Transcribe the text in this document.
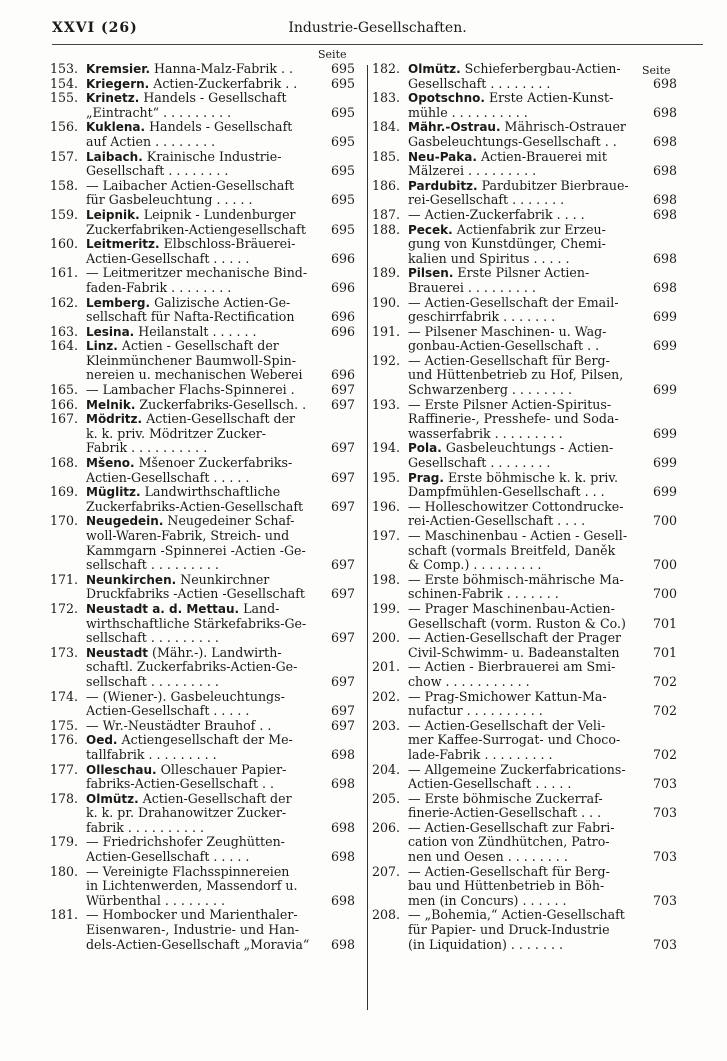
XXVI (26)	Industrie-Gesellschaften.
Seite
Seite
153. Kremsier. Hanna-Malz-Fabrik . .	695
154. Kriegern. Actien-Zuckerfabrik . .	695
155. Krinetz. Handels - Gesellschaft
„Eintracht“ . . . . . . . . .	695
156. Kuklena. Handels - Gesellschaft
auf Actien . . . . . . . .	695
157. Laibach. Krainische Industrie-
Gesellschaft . . . . . . . .	695
158. — Laibacher Actien-Gesellschaft
für Gasbeleuchtung . . . . .	695
159. Leipnik. Leipnik - Lundenburger
Zuckerfabriken-Actiengesellschaft	695
160. Leitmeritz. Elbschloss-Bräuerei-
Actien-Gesellschaft . . . . .	696
161. — Leitmeritzer mechanische Bind-
faden-Fabrik . . . . . . . .	696
162. Lemberg. Galizische Actien-Ge-
sellschaft für Nafta-Rectification	696
163. Lesina. Heilanstalt . . . . . .	696
164. Linz. Actien - Gesellschaft der
Kleinmünchener Baumwoll-Spin-
nereien u. mechanischen Weberei	696
165. — Lambacher Flachs-Spinnerei .	697
166. Melnik. Zuckerfabriks-Gesellsch. .	697
167. Mödritz. Actien-Gesellschaft der
k. k. priv. Mödritzer Zucker-
Fabrik . . . . . . . . . .	697
168. Mšeno. Mšenoer Zuckerfabriks-
Actien-Gesellschaft . . . . .	697
169. Müglitz. Landwirthschaftliche
Zuckerfabriks-Actien-Gesellschaft	697
170. Neugedein. Neugedeiner Schaf-
woll-Waren-Fabrik, Streich- und
Kammgarn -Spinnerei -Actien -Ge-
sellschaft . . . . . . . . .	697
171. Neunkirchen. Neunkirchner
Druckfabriks -Actien -Gesellschaft	697
172. Neustadt a. d. Mettau. Land-
wirthschaftliche Stärkefabriks-Ge-
sellschaft . . . . . . . . .	697
173. Neustadt (Mähr.-). Landwirth-
schaftl. Zuckerfabriks-Actien-Ge-
sellschaft . . . . . . . . .	697
174. — (Wiener-). Gasbeleuchtungs-
Actien-Gesellschaft . . . . .	697
175. — Wr.-Neustädter Brauhof . .	697
176. Oed. Actiengesellschaft der Me-
tallfabrik . . . . . . . . .	698
177. Olleschau. Olleschauer Papier-
fabriks-Actien-Gesellschaft . .	698
178. Olmütz. Actien-Gesellschaft der
k. k. pr. Drahanowitzer Zucker-
fabrik . . . . . . . . . .	698
179. — Friedrichshofer Zeughütten-
Actien-Gesellschaft . . . . .	698
180. — Vereinigte Flachsspinnereien
in Lichtenwerden, Massendorf u.
Würbenthal . . . . . . . .	698
181. — Hombocker und Marienthaler-
Eisenwaren-, Industrie- und Han-
dels-Actien-Gesellschaft „Moravia“	698
182. Olmütz. Schieferbergbau-Actien-
Gesellschaft . . . . . . . .	698
183. Opotschno. Erste Actien-Kunst-
mühle . . . . . . . . . .	698
184. Mähr.-Ostrau. Mährisch-Ostrauer
Gasbeleuchtungs-Gesellschaft . .	698
185. Neu-Paka. Actien-Brauerei mit
Mälzerei . . . . . . . . .	698
186. Pardubitz. Pardubitzer Bierbraue-
rei-Gesellschaft . . . . . . .	698
187. — Actien-Zuckerfabrik . . . .	698
188. Pecek. Actienfabrik zur Erzeu-
gung von Kunstdünger, Chemi-
kalien und Spiritus . . . . .	698
189. Pilsen. Erste Pilsner Actien-
Brauerei . . . . . . . . .	698
190. — Actien-Gesellschaft der Email-
geschirrfabrik . . . . . . .	699
191. — Pilsener Maschinen- u. Wag-
gonbau-Actien-Gesellschaft . .	699
192. — Actien-Gesellschaft für Berg-
und Hüttenbetrieb zu Hof, Pilsen,
Schwarzenberg . . . . . . . .	699
193. — Erste Pilsner Actien-Spiritus-
Raffinerie-, Presshefe- und Soda-
wasserfabrik . . . . . . . . .	699
194. Pola. Gasbeleuchtungs - Actien-
Gesellschaft . . . . . . . .	699
195. Prag. Erste böhmische k. k. priv.
Dampfmühlen-Gesellschaft . . .	699
196. — Holleschowitzer Cottondrucke-
rei-Actien-Gesellschaft . . . .	700
197. — Maschinenbau - Actien - Gesell-
schaft (vormals Breitfeld, Daněk
& Comp.) . . . . . . . . .	700
198. — Erste böhmisch-mährische Ma-
schinen-Fabrik . . . . . . .	700
199. — Prager Maschinenbau-Actien-
Gesellschaft (vorm. Ruston & Co.)	701
200. — Actien-Gesellschaft der Prager
Civil-Schwimm- u. Badeanstalten	701
201. — Actien - Bierbrauerei am Smi-
chow . . . . . . . . . . .	702
202. — Prag-Smichower Kattun-Ma-
nufactur . . . . . . . . . .	702
203. — Actien-Gesellschaft der Veli-
mer Kaffee-Surrogat- und Choco-
lade-Fabrik . . . . . . . . .	702
204. — Allgemeine Zuckerfabrications-
Actien-Gesellschaft . . . . .	703
205. — Erste böhmische Zuckerraf-
finerie-Actien-Gesellschaft . . .	703
206. — Actien-Gesellschaft zur Fabri-
cation von Zündhütchen, Patro-
nen und Oesen . . . . . . . .	703
207. — Actien-Gesellschaft für Berg-
bau und Hüttenbetrieb in Böh-
men (in Concurs) . . . . . .	703
208. — „Bohemia,“ Actien-Gesellschaft
für Papier- und Druck-Industrie
(in Liquidation) . . . . . . .	703
